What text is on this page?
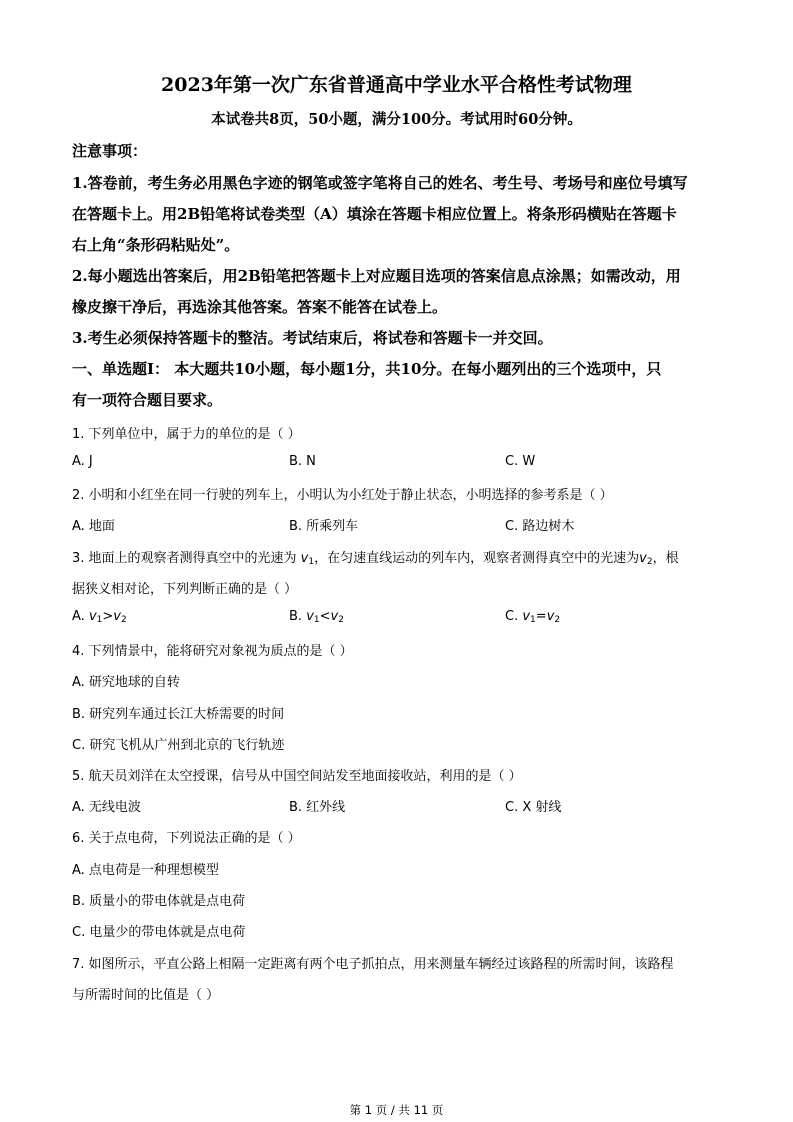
2023年第一次广东省普通高中学业水平合格性考试物理
本试卷共8页，50小题，满分100分。考试用时60分钟。
注意事项：
1.答卷前，考生务必用黑色字迹的钢笔或签字笔将自己的姓名、考生号、考场号和座位号填写
在答题卡上。用2B铅笔将试卷类型（A）填涂在答题卡相应位置上。将条形码横贴在答题卡
右上角“条形码粘贴处”。
2.每小题选出答案后，用2B铅笔把答题卡上对应题目选项的答案信息点涂黑；如需改动，用
橡皮擦干净后，再选涂其他答案。答案不能答在试卷上。
3.考生必须保持答题卡的整洁。考试结束后，将试卷和答题卡一并交回。
一、单选题I： 本大题共10小题，每小题1分，共10分。在每小题列出的三个选项中，只
有一项符合题目要求。
1. 下列单位中，属于力的单位的是（ ）
A. J	B. N	C. W
2. 小明和小红坐在同一行驶的列车上，小明认为小红处于静止状态，小明选择的参考系是（ ）
A. 地面	B. 所乘列车	C. 路边树木
3. 地面上的观察者测得真空中的光速为 $v_1$，在匀速直线运动的列车内，观察者测得真空中的光速为$v_2$，根
据狭义相对论，下列判断正确的是（ ）
A. $v_1>v_2$	B. $v_1<v_2$	C. $v_1=v_2$
4. 下列情景中，能将研究对象视为质点的是（ ）
A. 研究地球的自转
B. 研究列车通过长江大桥需要的时间
C. 研究飞机从广州到北京的飞行轨迹
5. 航天员刘洋在太空授课，信号从中国空间站发至地面接收站，利用的是（ ）
A. 无线电波	B. 红外线	C. X 射线
6. 关于点电荷，下列说法正确的是（ ）
A. 点电荷是一种理想模型
B. 质量小的带电体就是点电荷
C. 电量少的带电体就是点电荷
7. 如图所示，平直公路上相隔一定距离有两个电子抓拍点，用来测量车辆经过该路程的所需时间，该路程
与所需时间的比值是（ ）
第 1 页 / 共 11 页
